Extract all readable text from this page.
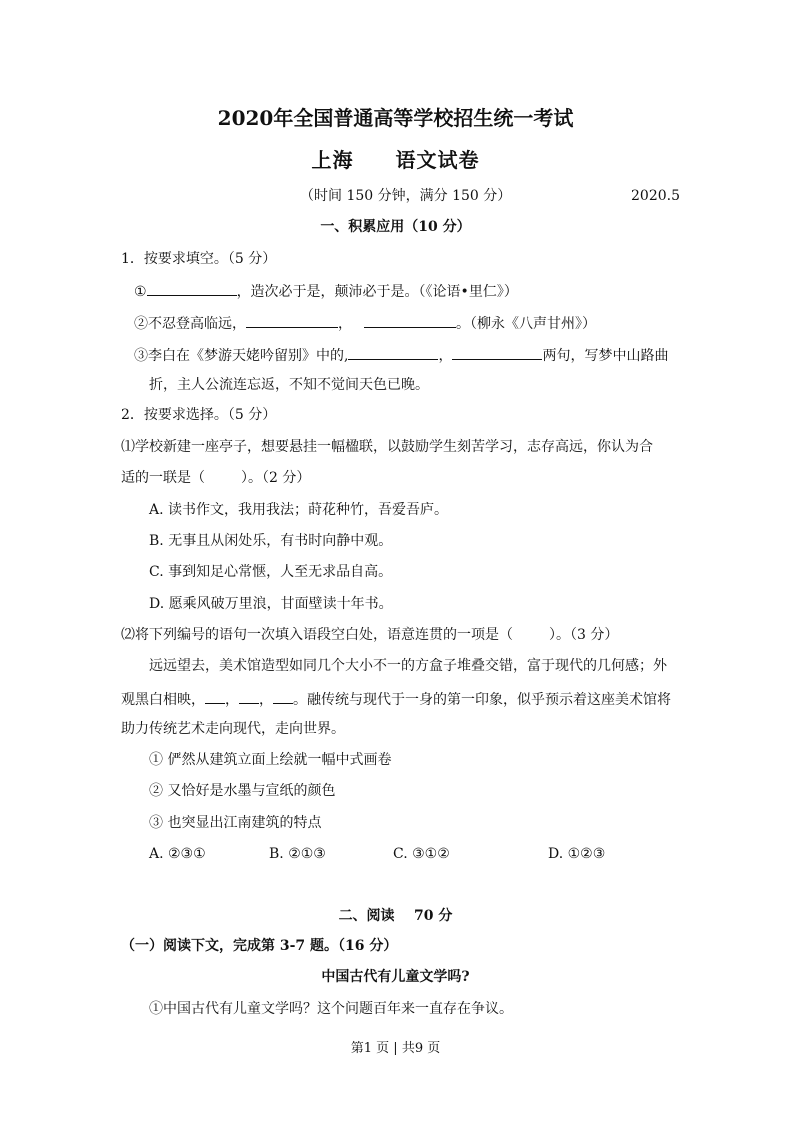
2020年全国普通高等学校招生统一考试
上海 语文试卷
（时间 150 分钟，满分 150 分）	2020.5
一、积累应用（10 分）
1．按要求填空。（5 分）
①	，造次必于是，颠沛必于是。（《论语•里仁》）
②不忍登高临远，	，	。（柳永《八声甘州》）
③李白在《梦游天姥吟留别》中的,	，	两句，写梦中山路曲
折，主人公流连忘返，不知不觉间天色已晚。
2．按要求选择。（5 分）
⑴学校新建一座亭子，想要悬挂一幅楹联，以鼓励学生刻苦学习，志存高远，你认为合
适的一联是（	）。（2 分）
A. 读书作文，我用我法；莳花种竹，吾爱吾庐。
B. 无事且从闲处乐，有书时向静中观。
C. 事到知足心常惬，人至无求品自高。
D. 愿乘风破万里浪，甘面壁读十年书。
⑵将下列编号的语句一次填入语段空白处，语意连贯的一项是（	）。（3 分）
远远望去，美术馆造型如同几个大小不一的方盒子堆叠交错，富于现代的几何感；外
观黑白相映， ， ， 。融传统与现代于一身的第一印象，似乎预示着这座美术馆将
助力传统艺术走向现代，走向世界。
① 俨然从建筑立面上绘就一幅中式画卷
② 又恰好是水墨与宣纸的颜色
③ 也突显出江南建筑的特点
A. ②③①	B. ②①③	C. ③①②	D. ①②③
二、阅读    70 分
（一）阅读下文，完成第 3-7 题。（16 分）
中国古代有儿童文学吗?
①中国古代有儿童文学吗？这个问题百年来一直存在争议。
第1 页 | 共9 页
